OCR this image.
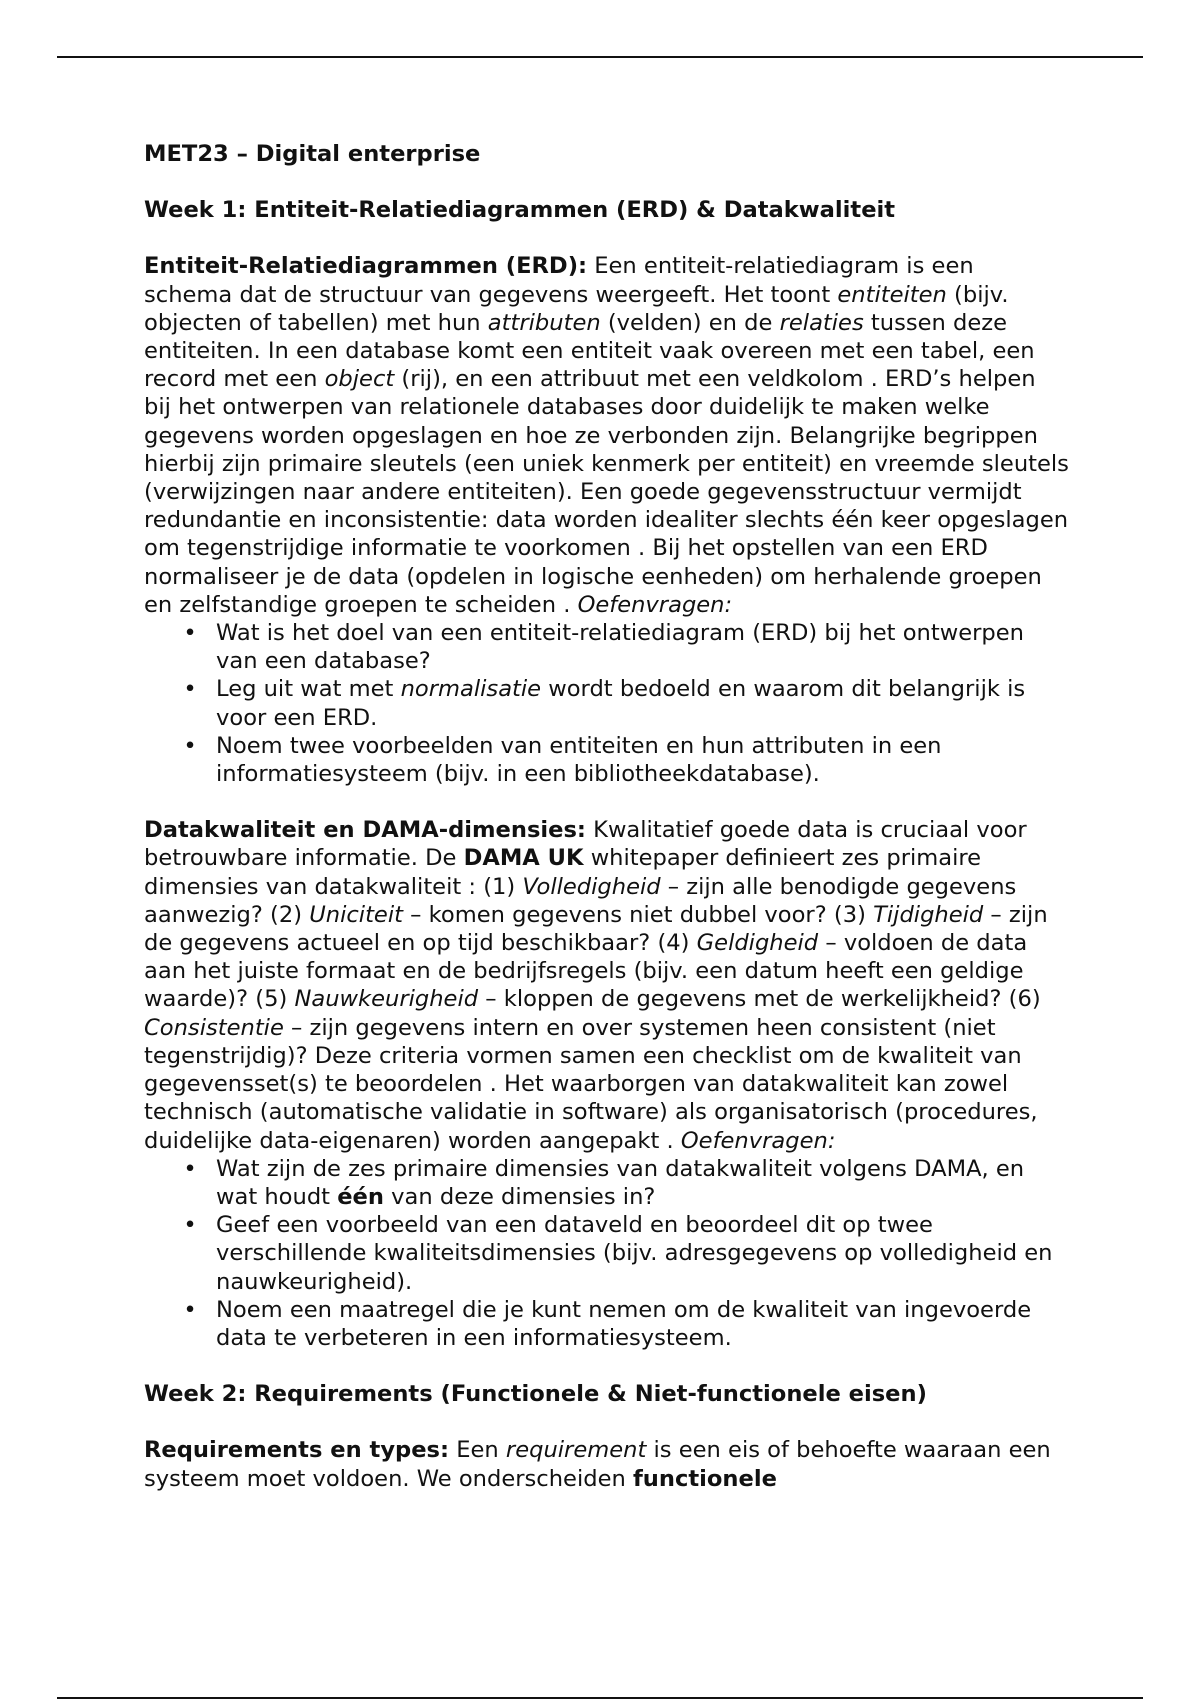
MET23 – Digital enterprise

Week 1: Entiteit-Relatiediagrammen (ERD) & Datakwaliteit

Entiteit-Relatiediagrammen (ERD): Een entiteit-relatiediagram is een schema dat de structuur van gegevens weergeeft. Het toont entiteiten (bijv. objecten of tabellen) met hun attributen (velden) en de relaties tussen deze entiteiten. In een database komt een entiteit vaak overeen met een tabel, een record met een object (rij), en een attribuut met een veldkolom . ERD’s helpen bij het ontwerpen van relationele databases door duidelijk te maken welke gegevens worden opgeslagen en hoe ze verbonden zijn. Belangrijke begrippen hierbij zijn primaire sleutels (een uniek kenmerk per entiteit) en vreemde sleutels (verwijzingen naar andere entiteiten). Een goede gegevensstructuur vermijdt redundantie en inconsistentie: data worden idealiter slechts één keer opgeslagen om tegenstrijdige informatie te voorkomen . Bij het opstellen van een ERD normaliseer je de data (opdelen in logische eenheden) om herhalende groepen en zelfstandige groepen te scheiden . Oefenvragen:

• Wat is het doel van een entiteit-relatiediagram (ERD) bij het ontwerpen van een database?
• Leg uit wat met normalisatie wordt bedoeld en waarom dit belangrijk is voor een ERD.
• Noem twee voorbeelden van entiteiten en hun attributen in een informatiesysteem (bijv. in een bibliotheekdatabase).

Datakwaliteit en DAMA-dimensies: Kwalitatief goede data is cruciaal voor betrouwbare informatie. De DAMA UK whitepaper definieert zes primaire dimensies van datakwaliteit : (1) Volledigheid – zijn alle benodigde gegevens aanwezig? (2) Uniciteit – komen gegevens niet dubbel voor? (3) Tijdigheid – zijn de gegevens actueel en op tijd beschikbaar? (4) Geldigheid – voldoen de data aan het juiste formaat en de bedrijfsregels (bijv. een datum heeft een geldige waarde)? (5) Nauwkeurigheid – kloppen de gegevens met de werkelijkheid? (6) Consistentie – zijn gegevens intern en over systemen heen consistent (niet tegenstrijdig)? Deze criteria vormen samen een checklist om de kwaliteit van gegevensset(s) te beoordelen . Het waarborgen van datakwaliteit kan zowel technisch (automatische validatie in software) als organisatorisch (procedures, duidelijke data-eigenaren) worden aangepakt . Oefenvragen:

• Wat zijn de zes primaire dimensies van datakwaliteit volgens DAMA, en wat houdt één van deze dimensies in?
• Geef een voorbeeld van een dataveld en beoordeel dit op twee verschillende kwaliteitsdimensies (bijv. adresgegevens op volledigheid en nauwkeurigheid).
• Noem een maatregel die je kunt nemen om de kwaliteit van ingevoerde data te verbeteren in een informatiesysteem.

Week 2: Requirements (Functionele & Niet-functionele eisen)

Requirements en types: Een requirement is een eis of behoefte waaraan een systeem moet voldoen. We onderscheiden functionele
